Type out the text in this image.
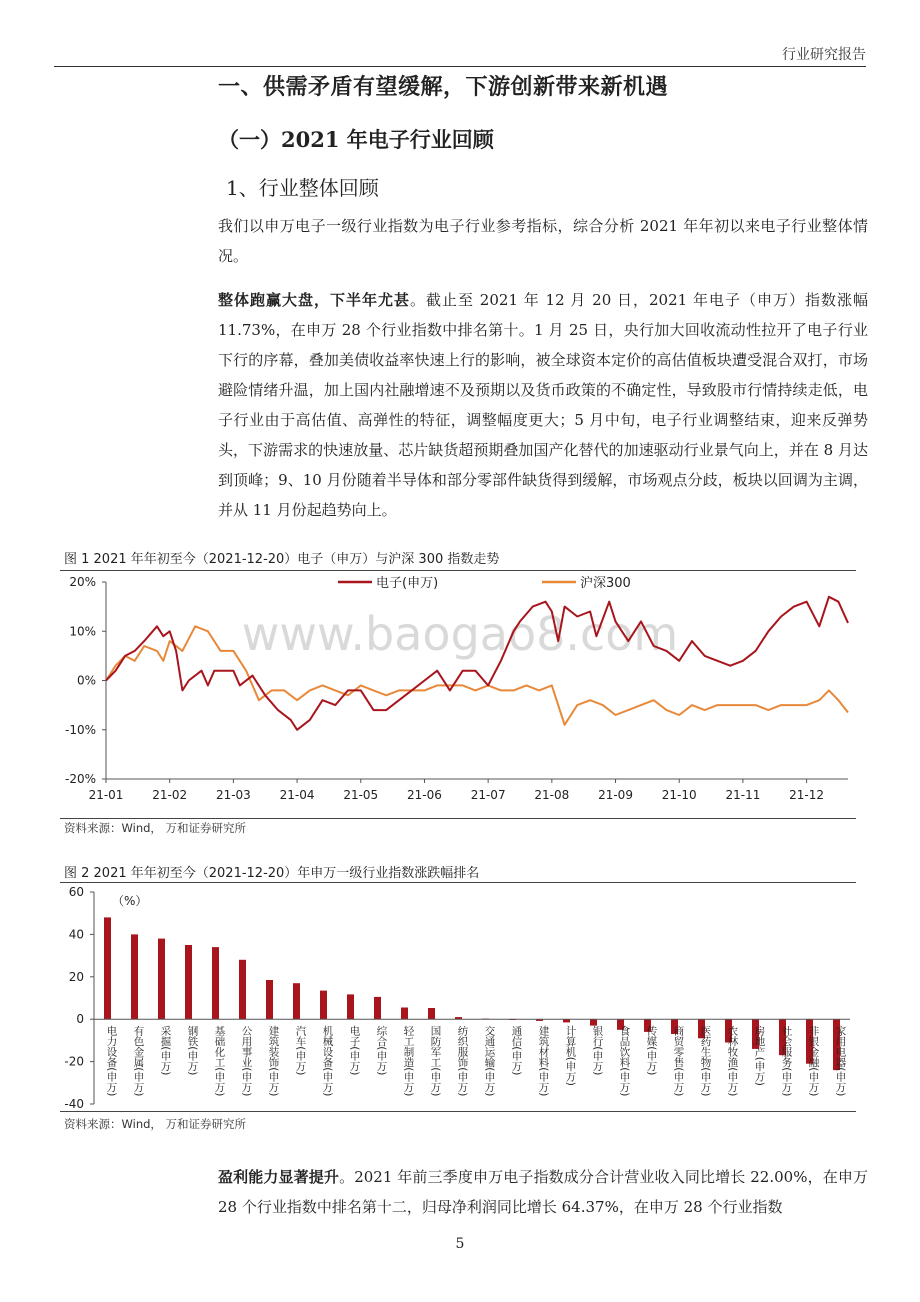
行业研究报告
一、供需矛盾有望缓解，下游创新带来新机遇
（一）2021 年电子行业回顾
1、行业整体回顾
我们以申万电子一级行业指数为电子行业参考指标，综合分析 2021 年年初以来电子行业整体情况。
整体跑赢大盘，下半年尤甚。截止至 2021 年 12 月 20 日，2021 年电子（申万）指数涨幅 11.73%，在申万 28 个行业指数中排名第十。1 月 25 日，央行加大回收流动性拉开了电子行业下行的序幕，叠加美债收益率快速上行的影响，被全球资本定价的高估值板块遭受混合双打，市场避险情绪升温，加上国内社融增速不及预期以及货币政策的不确定性，导致股市行情持续走低，电子行业由于高估值、高弹性的特征，调整幅度更大；5 月中旬，电子行业调整结束，迎来反弹势头，下游需求的快速放量、芯片缺货超预期叠加国产化替代的加速驱动行业景气向上，并在 8 月达到顶峰；9、10 月份随着半导体和部分零部件缺货得到缓解，市场观点分歧，板块以回调为主调，并从 11 月份起趋势向上。
图 1 2021 年年初至今（2021-12-20）电子（申万）与沪深 300 指数走势
www.baogao8.com
20%
10%
0%
-10%
-20%
21-01 21-02 21-03 21-04 21-05 21-06 21-07 21-08 21-09 21-10 21-11 21-12
电子(申万)	沪深300
资料来源：Wind， 万和证券研究所
图 2 2021 年年初至今（2021-12-20）年申万一级行业指数涨跌幅排名
60
40
20
0
-20
-40
（%）
电力设备(申万) 有色金属(申万) 采掘(申万) 钢铁(申万) 基础化工(申万) 公用事业(申万) 建筑装饰(申万) 汽车(申万) 机械设备(申万) 电子(申万) 综合(申万) 轻工制造(申万) 国防军工(申万) 纺织服饰(申万) 交通运输(申万) 通信(申万) 建筑材料(申万) 计算机(申万) 银行(申万) 食品饮料(申万) 传媒(申万) 商贸零售(申万) 医药生物(申万) 农林牧渔(申万) 房地产(申万) 社会服务(申万) 非银金融(申万) 家用电器(申万)
资料来源：Wind， 万和证券研究所
盈利能力显著提升。2021 年前三季度申万电子指数成分合计营业收入同比增长 22.00%，在申万 28 个行业指数中排名第十二，归母净利润同比增长 64.37%，在申万 28 个行业指数
5
